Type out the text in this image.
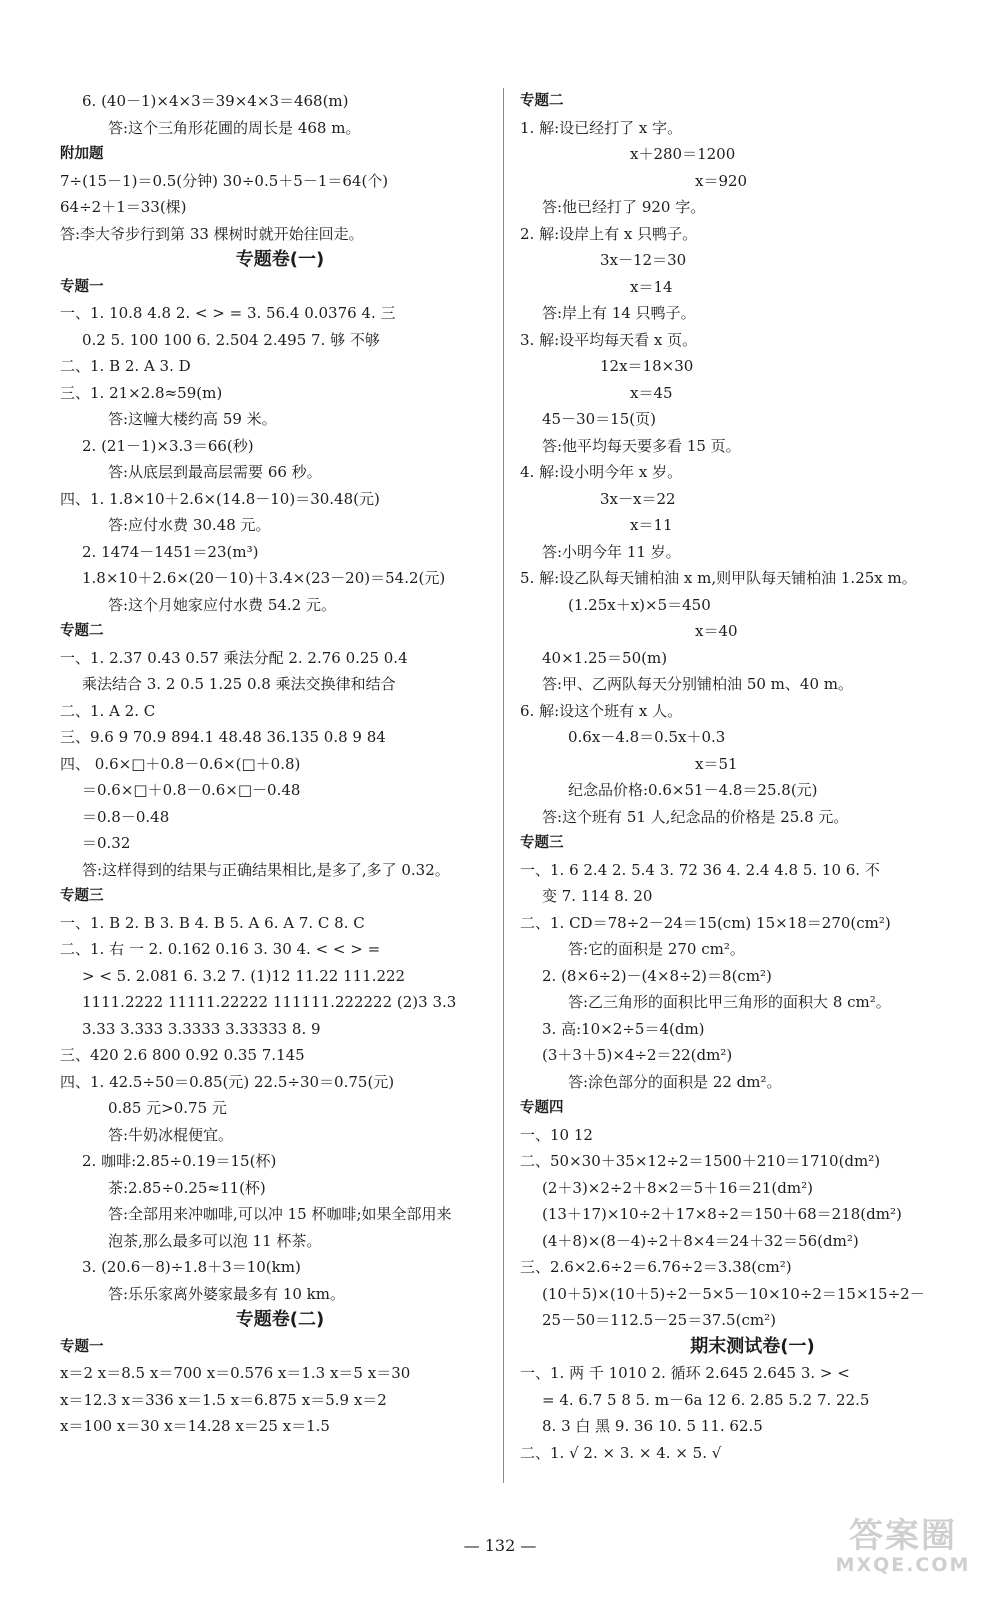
6. (40－1)×4×3＝39×4×3＝468(m)
答:这个三角形花圃的周长是 468 m。
附加题
7÷(15－1)＝0.5(分钟) 30÷0.5＋5－1＝64(个)
64÷2＋1＝33(棵)
答:李大爷步行到第 33 棵树时就开始往回走。
专题卷(一)
专题一
一、1. 10.8 4.8 2. < > = 3. 56.4 0.0376 4. 三
0.2 5. 100 100 6. 2.504 2.495 7. 够 不够
二、1. B 2. A 3. D
三、1. 21×2.8≈59(m)
答:这幢大楼约高 59 米。
2. (21－1)×3.3＝66(秒)
答:从底层到最高层需要 66 秒。
四、1. 1.8×10＋2.6×(14.8－10)＝30.48(元)
答:应付水费 30.48 元。
2. 1474－1451＝23(m³)
1.8×10＋2.6×(20－10)＋3.4×(23－20)＝54.2(元)
答:这个月她家应付水费 54.2 元。
专题二
一、1. 2.37 0.43 0.57 乘法分配 2. 2.76 0.25 0.4
乘法结合 3. 2 0.5 1.25 0.8 乘法交换律和结合
二、1. A 2. C
三、9.6 9 70.9 894.1 48.48 36.135 0.8 9 84
四、 0.6×□＋0.8－0.6×(□＋0.8)
＝0.6×□＋0.8－0.6×□－0.48
＝0.8－0.48
＝0.32
答:这样得到的结果与正确结果相比,是多了,多了 0.32。
专题三
一、1. B 2. B 3. B 4. B 5. A 6. A 7. C 8. C
二、1. 右 一 2. 0.162 0.16 3. 30 4. < < > =
> < 5. 2.081 6. 3.2 7. (1)12 11.22 111.222
1111.2222 11111.22222 111111.222222 (2)3 3.3
3.33 3.333 3.3333 3.33333 8. 9
三、420 2.6 800 0.92 0.35 7.145
四、1. 42.5÷50＝0.85(元) 22.5÷30＝0.75(元)
0.85 元>0.75 元
答:牛奶冰棍便宜。
2. 咖啡:2.85÷0.19＝15(杯)
茶:2.85÷0.25≈11(杯)
答:全部用来冲咖啡,可以冲 15 杯咖啡;如果全部用来
泡茶,那么最多可以泡 11 杯茶。
3. (20.6－8)÷1.8＋3＝10(km)
答:乐乐家离外婆家最多有 10 km。
专题卷(二)
专题一
x＝2 x＝8.5 x＝700 x＝0.576 x＝1.3 x＝5 x＝30
x＝12.3 x＝336 x＝1.5 x＝6.875 x＝5.9 x＝2
x＝100 x＝30 x＝14.28 x＝25 x＝1.5
专题二
1. 解:设已经打了 x 字。
x＋280＝1200
x＝920
答:他已经打了 920 字。
2. 解:设岸上有 x 只鸭子。
3x－12＝30
x＝14
答:岸上有 14 只鸭子。
3. 解:设平均每天看 x 页。
12x＝18×30
x＝45
45－30＝15(页)
答:他平均每天要多看 15 页。
4. 解:设小明今年 x 岁。
3x－x＝22
x＝11
答:小明今年 11 岁。
5. 解:设乙队每天铺柏油 x m,则甲队每天铺柏油 1.25x m。
(1.25x＋x)×5＝450
x＝40
40×1.25＝50(m)
答:甲、乙两队每天分别铺柏油 50 m、40 m。
6. 解:设这个班有 x 人。
0.6x－4.8＝0.5x＋0.3
x＝51
纪念品价格:0.6×51－4.8＝25.8(元)
答:这个班有 51 人,纪念品的价格是 25.8 元。
专题三
一、1. 6 2.4 2. 5.4 3. 72 36 4. 2.4 4.8 5. 10 6. 不
变 7. 114 8. 20
二、1. CD＝78÷2－24＝15(cm) 15×18＝270(cm²)
答:它的面积是 270 cm²。
2. (8×6÷2)－(4×8÷2)＝8(cm²)
答:乙三角形的面积比甲三角形的面积大 8 cm²。
3. 高:10×2÷5＝4(dm)
(3＋3＋5)×4÷2＝22(dm²)
答:涂色部分的面积是 22 dm²。
专题四
一、10 12
二、50×30＋35×12÷2＝1500＋210＝1710(dm²)
(2＋3)×2÷2＋8×2＝5＋16＝21(dm²)
(13＋17)×10÷2＋17×8÷2＝150＋68＝218(dm²)
(4＋8)×(8－4)÷2＋8×4＝24＋32＝56(dm²)
三、2.6×2.6÷2＝6.76÷2＝3.38(cm²)
(10＋5)×(10＋5)÷2－5×5－10×10÷2＝15×15÷2－
25－50＝112.5－25＝37.5(cm²)
期末测试卷(一)
一、1. 两 千 1010 2. 循环 2.645 2.645 3. > <
= 4. 6.7 5 8 5. m－6a 12 6. 2.85 5.2 7. 22.5
8. 3 白 黑 9. 36 10. 5 11. 62.5
二、1. √ 2. × 3. × 4. × 5. √
— 132 —	答案圈
MXQE.COM
